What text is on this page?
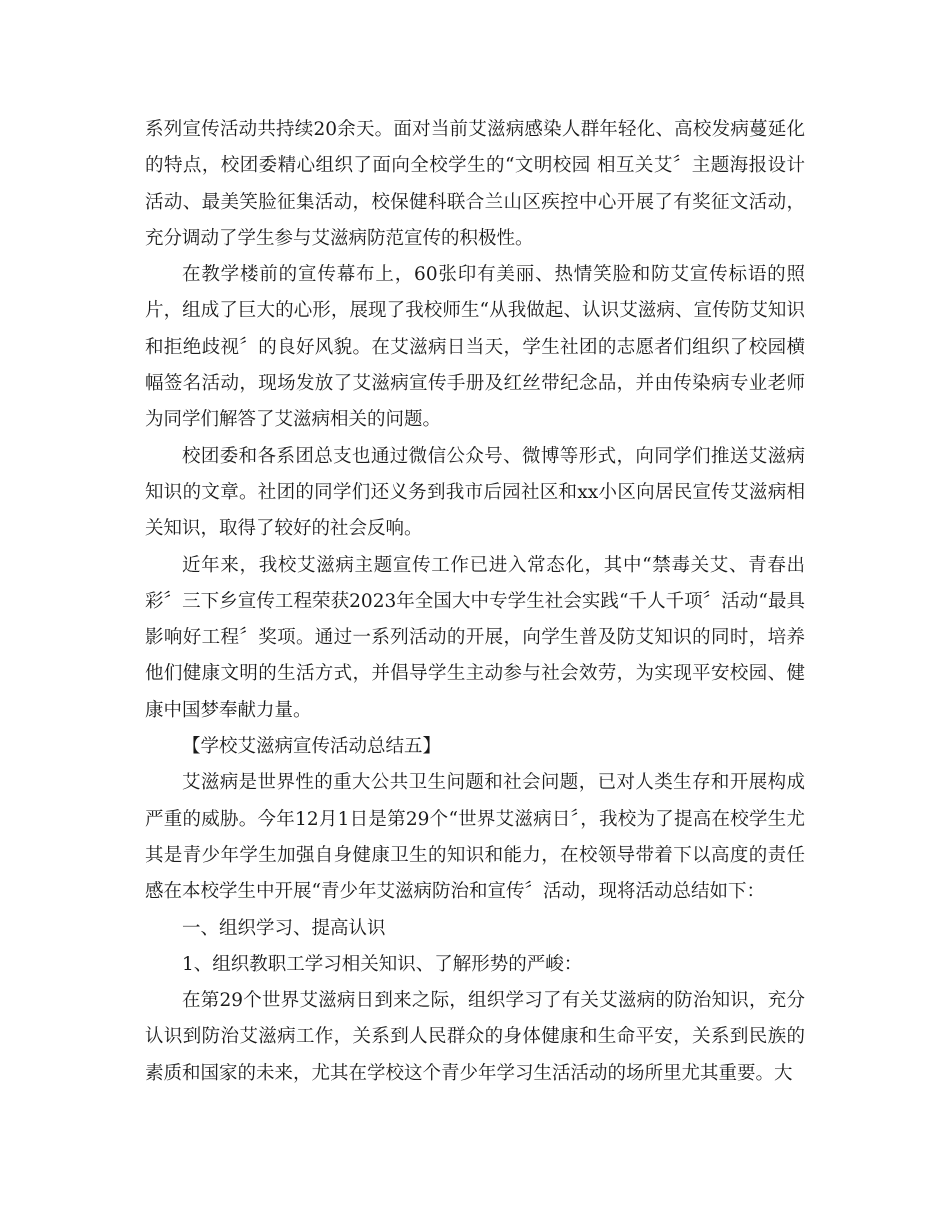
系列宣传活动共持续20余天。面对当前艾滋病感染人群年轻化、高校发病蔓延化的特点，校团委精心组织了面向全校学生的“文明校园 相互关艾〞主题海报设计活动、最美笑脸征集活动，校保健科联合兰山区疾控中心开展了有奖征文活动，充分调动了学生参与艾滋病防范宣传的积极性。

在教学楼前的宣传幕布上，60张印有美丽、热情笑脸和防艾宣传标语的照片，组成了巨大的心形，展现了我校师生“从我做起、认识艾滋病、宣传防艾知识和拒绝歧视〞的良好风貌。在艾滋病日当天，学生社团的志愿者们组织了校园横幅签名活动，现场发放了艾滋病宣传手册及红丝带纪念品，并由传染病专业老师为同学们解答了艾滋病相关的问题。

校团委和各系团总支也通过微信公众号、微博等形式，向同学们推送艾滋病知识的文章。社团的同学们还义务到我市后园社区和xx小区向居民宣传艾滋病相关知识，取得了较好的社会反响。

近年来，我校艾滋病主题宣传工作已进入常态化，其中“禁毒关艾、青春出彩〞三下乡宣传工程荣获2023年全国大中专学生社会实践“千人千项〞活动“最具影响好工程〞奖项。通过一系列活动的开展，向学生普及防艾知识的同时，培养他们健康文明的生活方式，并倡导学生主动参与社会效劳，为实现平安校园、健康中国梦奉献力量。

【学校艾滋病宣传活动总结五】

艾滋病是世界性的重大公共卫生问题和社会问题，已对人类生存和开展构成严重的威胁。今年12月1日是第29个“世界艾滋病日〞，我校为了提高在校学生尤其是青少年学生加强自身健康卫生的知识和能力，在校领导带着下以高度的责任感在本校学生中开展“青少年艾滋病防治和宣传〞活动，现将活动总结如下：

一、组织学习、提高认识

1、组织教职工学习相关知识、了解形势的严峻：

在第29个世界艾滋病日到来之际，组织学习了有关艾滋病的防治知识，充分认识到防治艾滋病工作，关系到人民群众的身体健康和生命平安，关系到民族的素质和国家的未来，尤其在学校这个青少年学习生活活动的场所里尤其重要。大
